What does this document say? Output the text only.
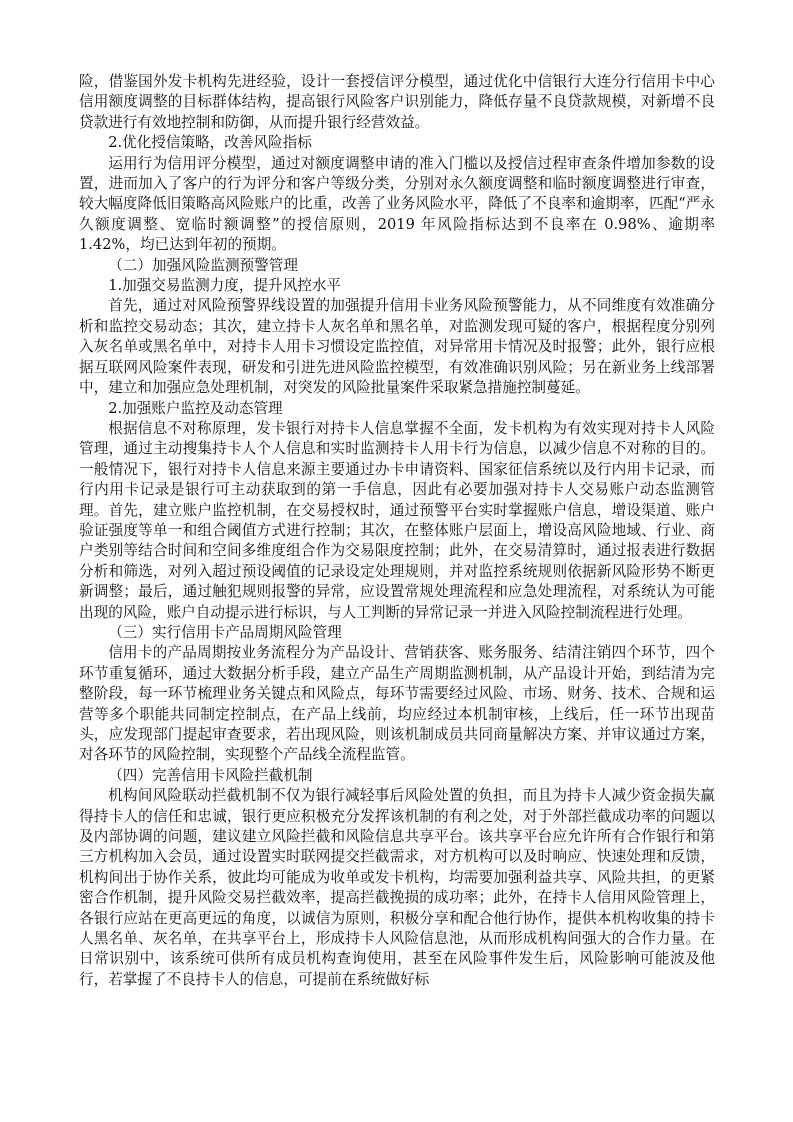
险，借鉴国外发卡机构先进经验，设计一套授信评分模型，通过优化中信银行大连分行信用卡中心信用额度调整的目标群体结构，提高银行风险客户识别能力，降低存量不良贷款规模，对新增不良贷款进行有效地控制和防御，从而提升银行经营效益。

2.优化授信策略，改善风险指标

运用行为信用评分模型，通过对额度调整申请的准入门槛以及授信过程审查条件增加参数的设置，进而加入了客户的行为评分和客户等级分类，分别对永久额度调整和临时额度调整进行审查，较大幅度降低旧策略高风险账户的比重，改善了业务风险水平，降低了不良率和逾期率，匹配“严永久额度调整、宽临时额调整”的授信原则，2019 年风险指标达到不良率在 0.98%、逾期率 1.42%，均已达到年初的预期。

（二）加强风险监测预警管理

1.加强交易监测力度，提升风控水平

首先，通过对风险预警界线设置的加强提升信用卡业务风险预警能力，从不同维度有效准确分析和监控交易动态；其次，建立持卡人灰名单和黑名单，对监测发现可疑的客户，根据程度分别列入灰名单或黑名单中，对持卡人用卡习惯设定监控值，对异常用卡情况及时报警；此外，银行应根据互联网风险案件表现，研发和引进先进风险监控模型，有效准确识别风险；另在新业务上线部署中，建立和加强应急处理机制，对突发的风险批量案件采取紧急措施控制蔓延。

2.加强账户监控及动态管理

根据信息不对称原理，发卡银行对持卡人信息掌握不全面，发卡机构为有效实现对持卡人风险管理，通过主动搜集持卡人个人信息和实时监测持卡人用卡行为信息，以减少信息不对称的目的。一般情况下，银行对持卡人信息来源主要通过办卡申请资料、国家征信系统以及行内用卡记录，而行内用卡记录是银行可主动获取到的第一手信息，因此有必要加强对持卡人交易账户动态监测管理。首先，建立账户监控机制，在交易授权时，通过预警平台实时掌握账户信息，增设渠道、账户验证强度等单一和组合阈值方式进行控制；其次，在整体账户层面上，增设高风险地域、行业、商户类别等结合时间和空间多维度组合作为交易限度控制；此外，在交易清算时，通过报表进行数据分析和筛选，对列入超过预设阈值的记录设定处理规则，并对监控系统规则依据新风险形势不断更新调整；最后，通过触犯规则报警的异常，应设置常规处理流程和应急处理流程，对系统认为可能出现的风险，账户自动提示进行标识，与人工判断的异常记录一并进入风险控制流程进行处理。

（三）实行信用卡产品周期风险管理

信用卡的产品周期按业务流程分为产品设计、营销获客、账务服务、结清注销四个环节，四个环节重复循环，通过大数据分析手段，建立产品生产周期监测机制，从产品设计开始，到结清为完整阶段，每一环节梳理业务关键点和风险点，每环节需要经过风险、市场、财务、技术、合规和运营等多个职能共同制定控制点，在产品上线前，均应经过本机制审核，上线后，任一环节出现苗头，应发现部门提起审查要求，若出现风险，则该机制成员共同商量解决方案、并审议通过方案，对各环节的风险控制，实现整个产品线全流程监管。

（四）完善信用卡风险拦截机制

机构间风险联动拦截机制不仅为银行减轻事后风险处置的负担，而且为持卡人减少资金损失赢得持卡人的信任和忠诚，银行更应积极充分发挥该机制的有利之处，对于外部拦截成功率的问题以及内部协调的问题，建议建立风险拦截和风险信息共享平台。该共享平台应允许所有合作银行和第三方机构加入会员，通过设置实时联网提交拦截需求，对方机构可以及时响应、快速处理和反馈，机构间出于协作关系，彼此均可能成为收单或发卡机构，均需要加强利益共享、风险共担，的更紧密合作机制，提升风险交易拦截效率，提高拦截挽损的成功率；此外，在持卡人信用风险管理上，各银行应站在更高更远的角度，以诚信为原则，积极分享和配合他行协作，提供本机构收集的持卡人黑名单、灰名单，在共享平台上，形成持卡人风险信息池，从而形成机构间强大的合作力量。在日常识别中，该系统可供所有成员机构查询使用，甚至在风险事件发生后，风险影响可能波及他行，若掌握了不良持卡人的信息，可提前在系统做好标
